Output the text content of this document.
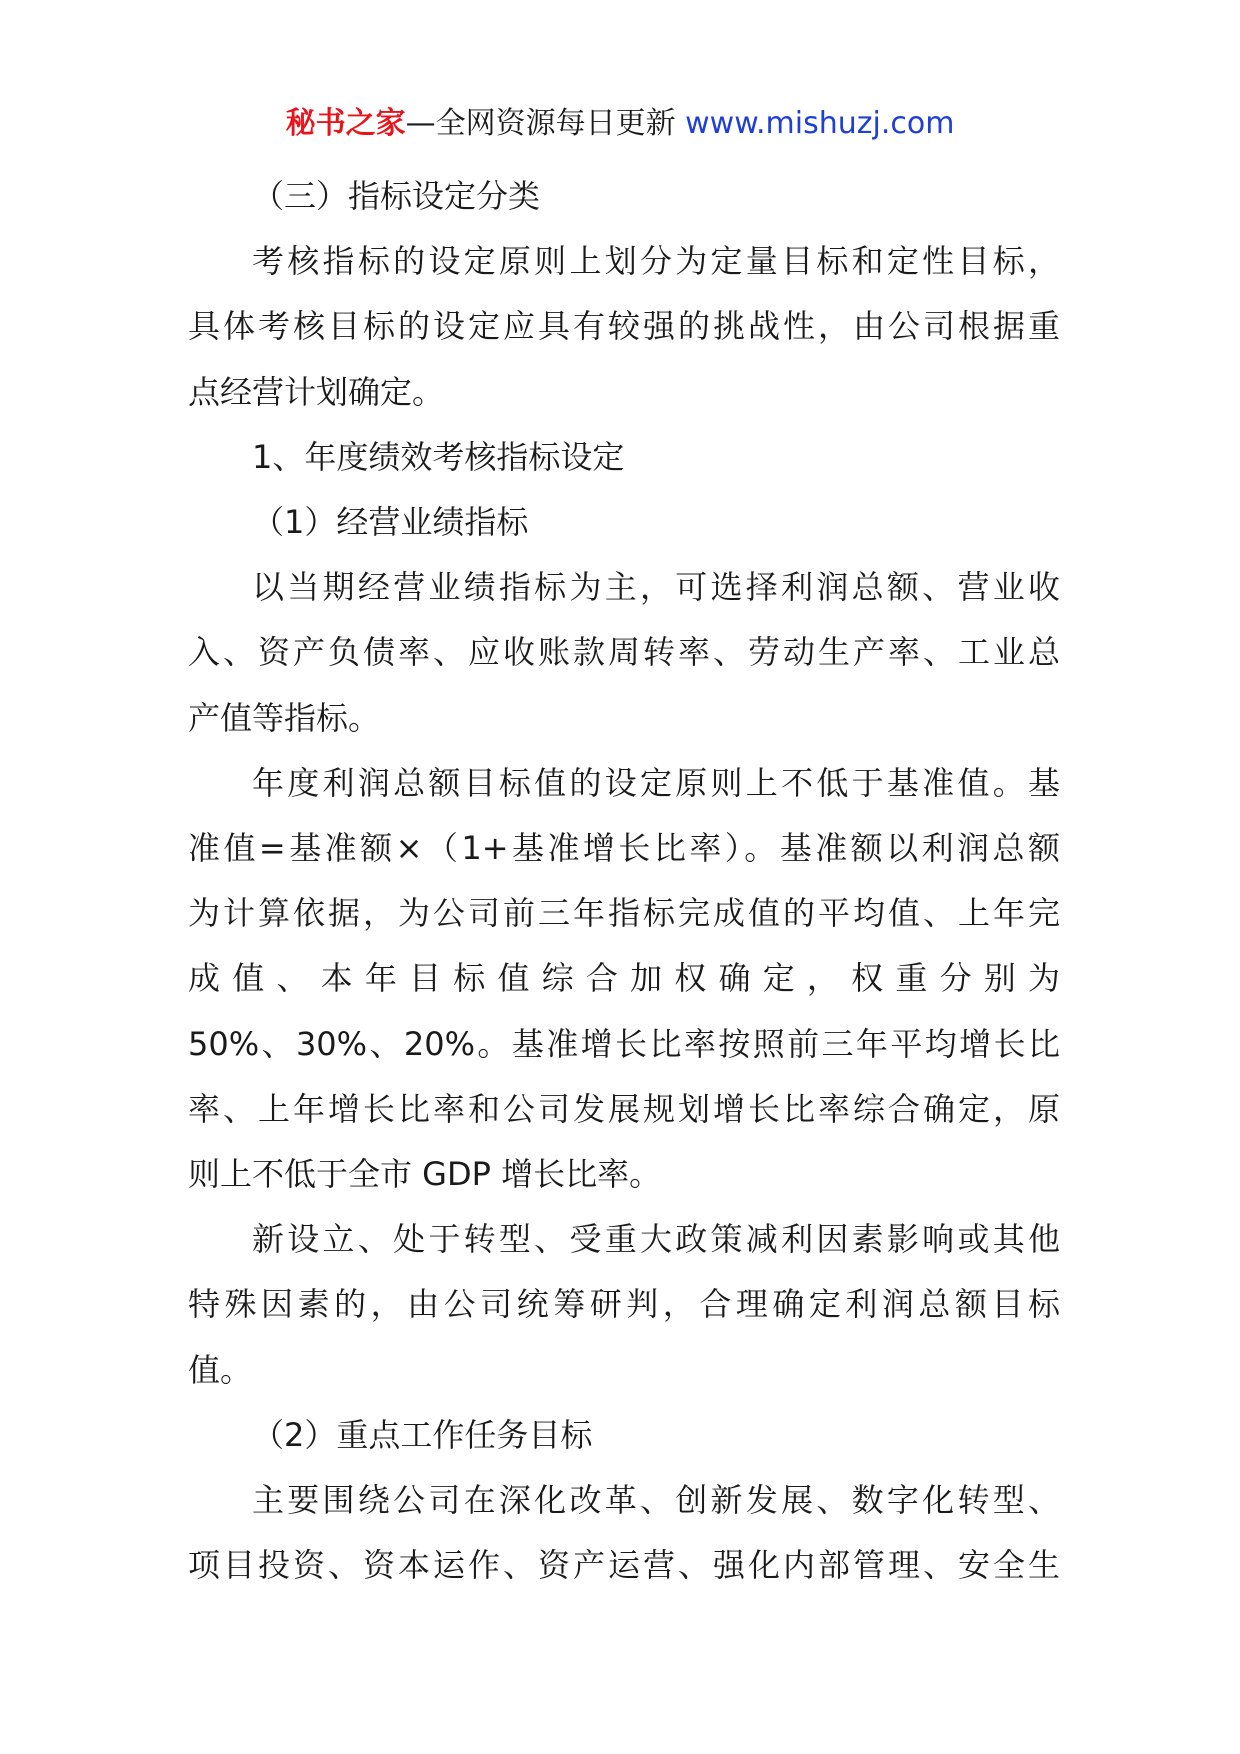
秘书之家—全网资源每日更新 www.mishuzj.com
（三）指标设定分类
考核指标的设定原则上划分为定量目标和定性目标，
具体考核目标的设定应具有较强的挑战性，由公司根据重
点经营计划确定。
1、年度绩效考核指标设定
（1）经营业绩指标
以当期经营业绩指标为主，可选择利润总额、营业收
入、资产负债率、应收账款周转率、劳动生产率、工业总
产值等指标。
年度利润总额目标值的设定原则上不低于基准值。基
准值=基准额×（1+基准增长比率）。基准额以利润总额
为计算依据，为公司前三年指标完成值的平均值、上年完
成值、本年目标值综合加权确定，权重分别为
50%、30%、20%。基准增长比率按照前三年平均增长比
率、上年增长比率和公司发展规划增长比率综合确定，原
则上不低于全市 GDP 增长比率。
新设立、处于转型、受重大政策减利因素影响或其他
特殊因素的，由公司统筹研判，合理确定利润总额目标
值。
（2）重点工作任务目标
主要围绕公司在深化改革、创新发展、数字化转型、
项目投资、资本运作、资产运营、强化内部管理、安全生
